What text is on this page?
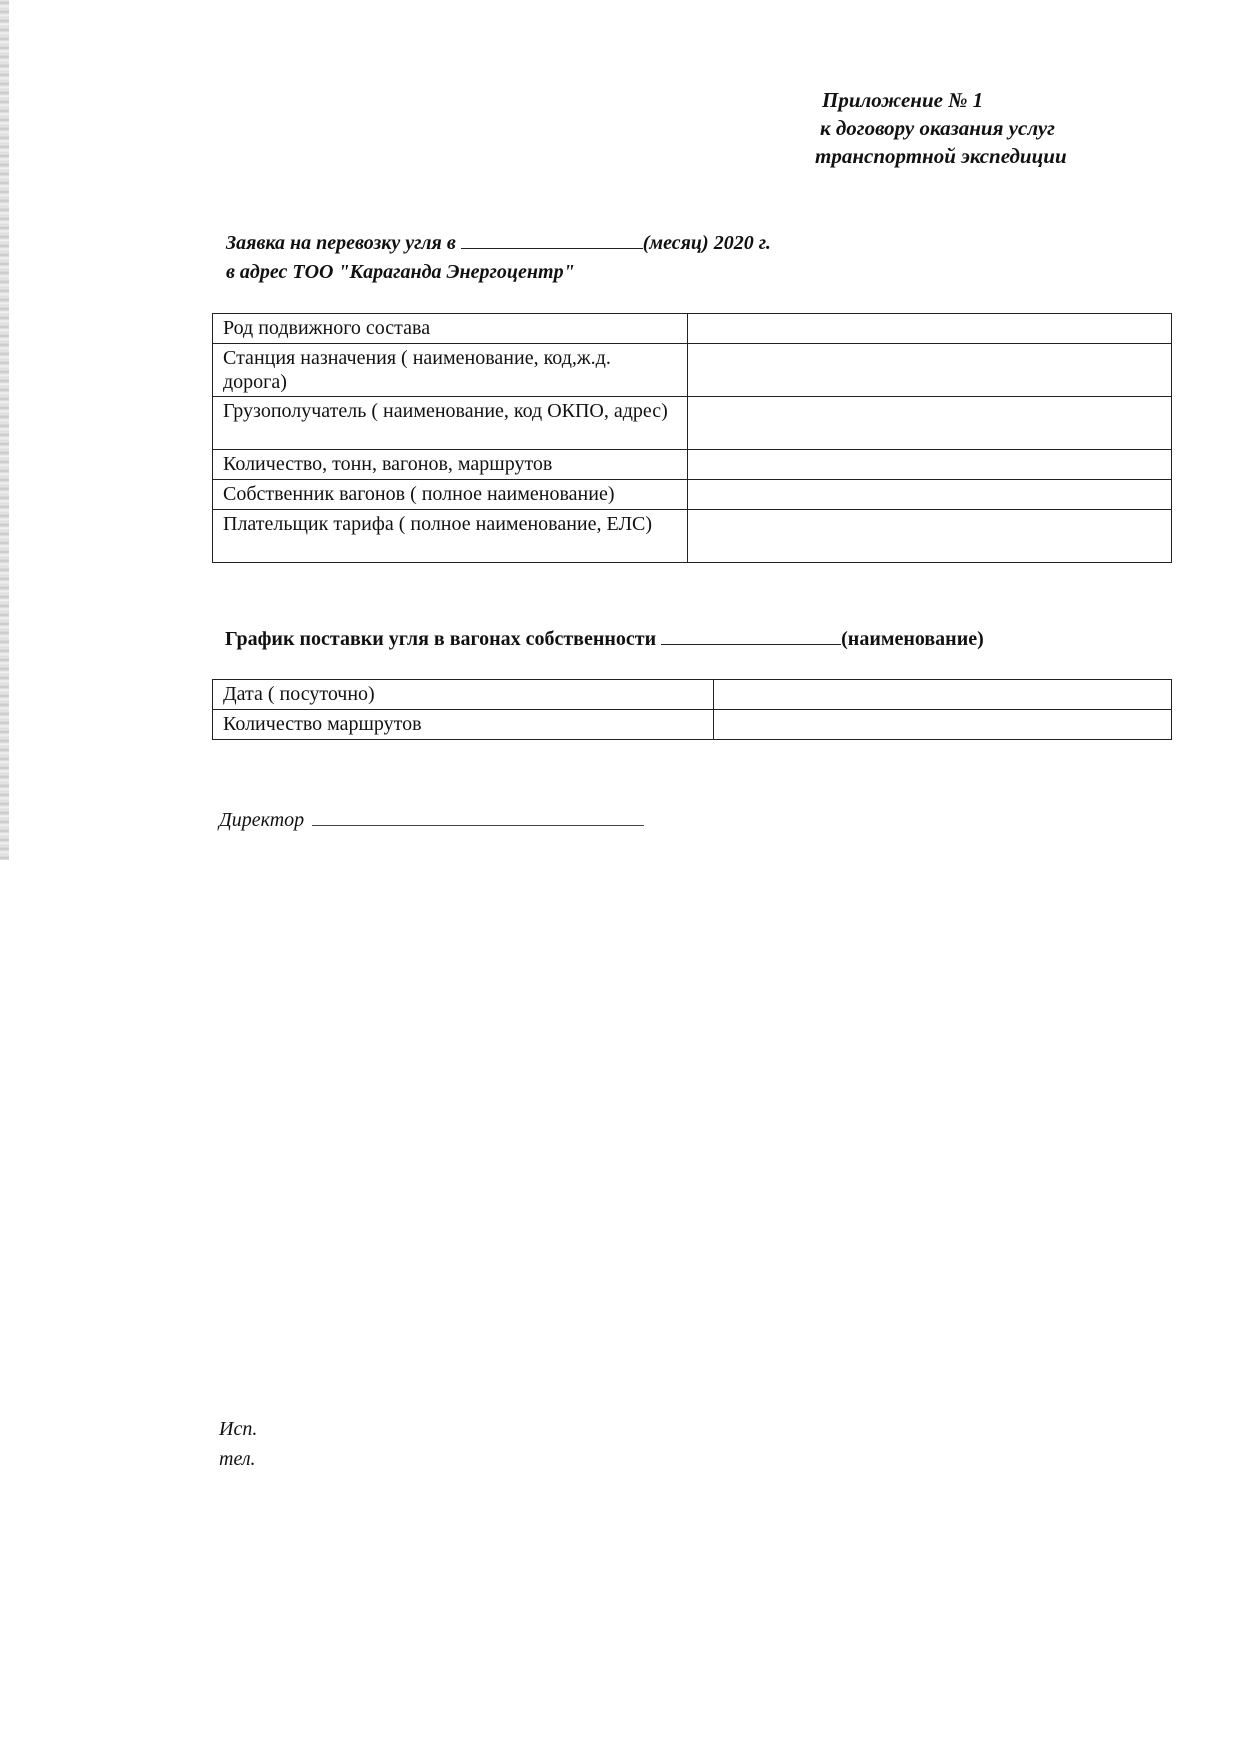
Приложение № 1
к договору оказания услуг
транспортной экспедиции
Заявка на перевозку угля в	(месяц) 2020 г.
в адрес ТОО "Караганда Энергоцентр"
Род подвижного состава	
Станция назначения ( наименование, код,ж.д. дорога)	
Грузополучатель ( наименование, код ОКПО, адрес)	
Количество, тонн, вагонов, маршрутов	
Собственник вагонов ( полное наименование)	
Плательщик тарифа ( полное наименование, ЕЛС)	
График поставки угля в вагонах собственности	(наименование)
Дата ( посуточно)	
Количество маршрутов	
Директор
Исп.
тел.
